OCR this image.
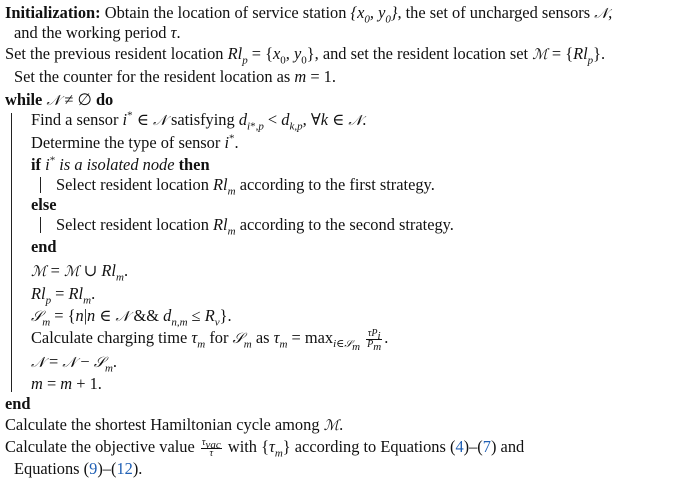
Initialization: Obtain the location of service station {$x_0$, $y_0$}, the set of uncharged sensors 𝒩,
and the working period τ.
Set the previous resident location $Rl_p = \{x_0$, $y_0$}, and set the resident location set ℳ = $\{Rl_p\}$.
Set the counter for the resident location as m = 1.
while 𝒩 ≠ ∅ do
Find a sensor i* ∈ 𝒩 satisfying $d_{i*,p} < d_{k,p}$, ∀k ∈ 𝒩.
Determine the type of sensor i*.
if i* is a isolated node then
Select resident location $Rl_m$ according to the first strategy.
else
Select resident location $Rl_m$ according to the second strategy.
end
ℳ = ℳ ∪ $Rl_m$.
$Rl_p = Rl_m$.
𝒮$_m$ = {n|n ∈ 𝒩 && $d_{n,m} \le R_v$}.
Calculate charging time $\tau_m$ for 𝒮$_m$ as $\tau_m = \max_{i\in 𝒮_m} \frac{\tau P_i}{P_m}$ .
𝒩 = 𝒩 − 𝒮$_m$.
m = m + 1.
end
Calculate the shortest Hamiltonian cycle among ℳ.
Calculate the objective value $\frac{\tau_{vac}}{\tau}$ with $\{\tau_m\}$ according to Equations (4)–(7) and
Equations (9)–(12).
